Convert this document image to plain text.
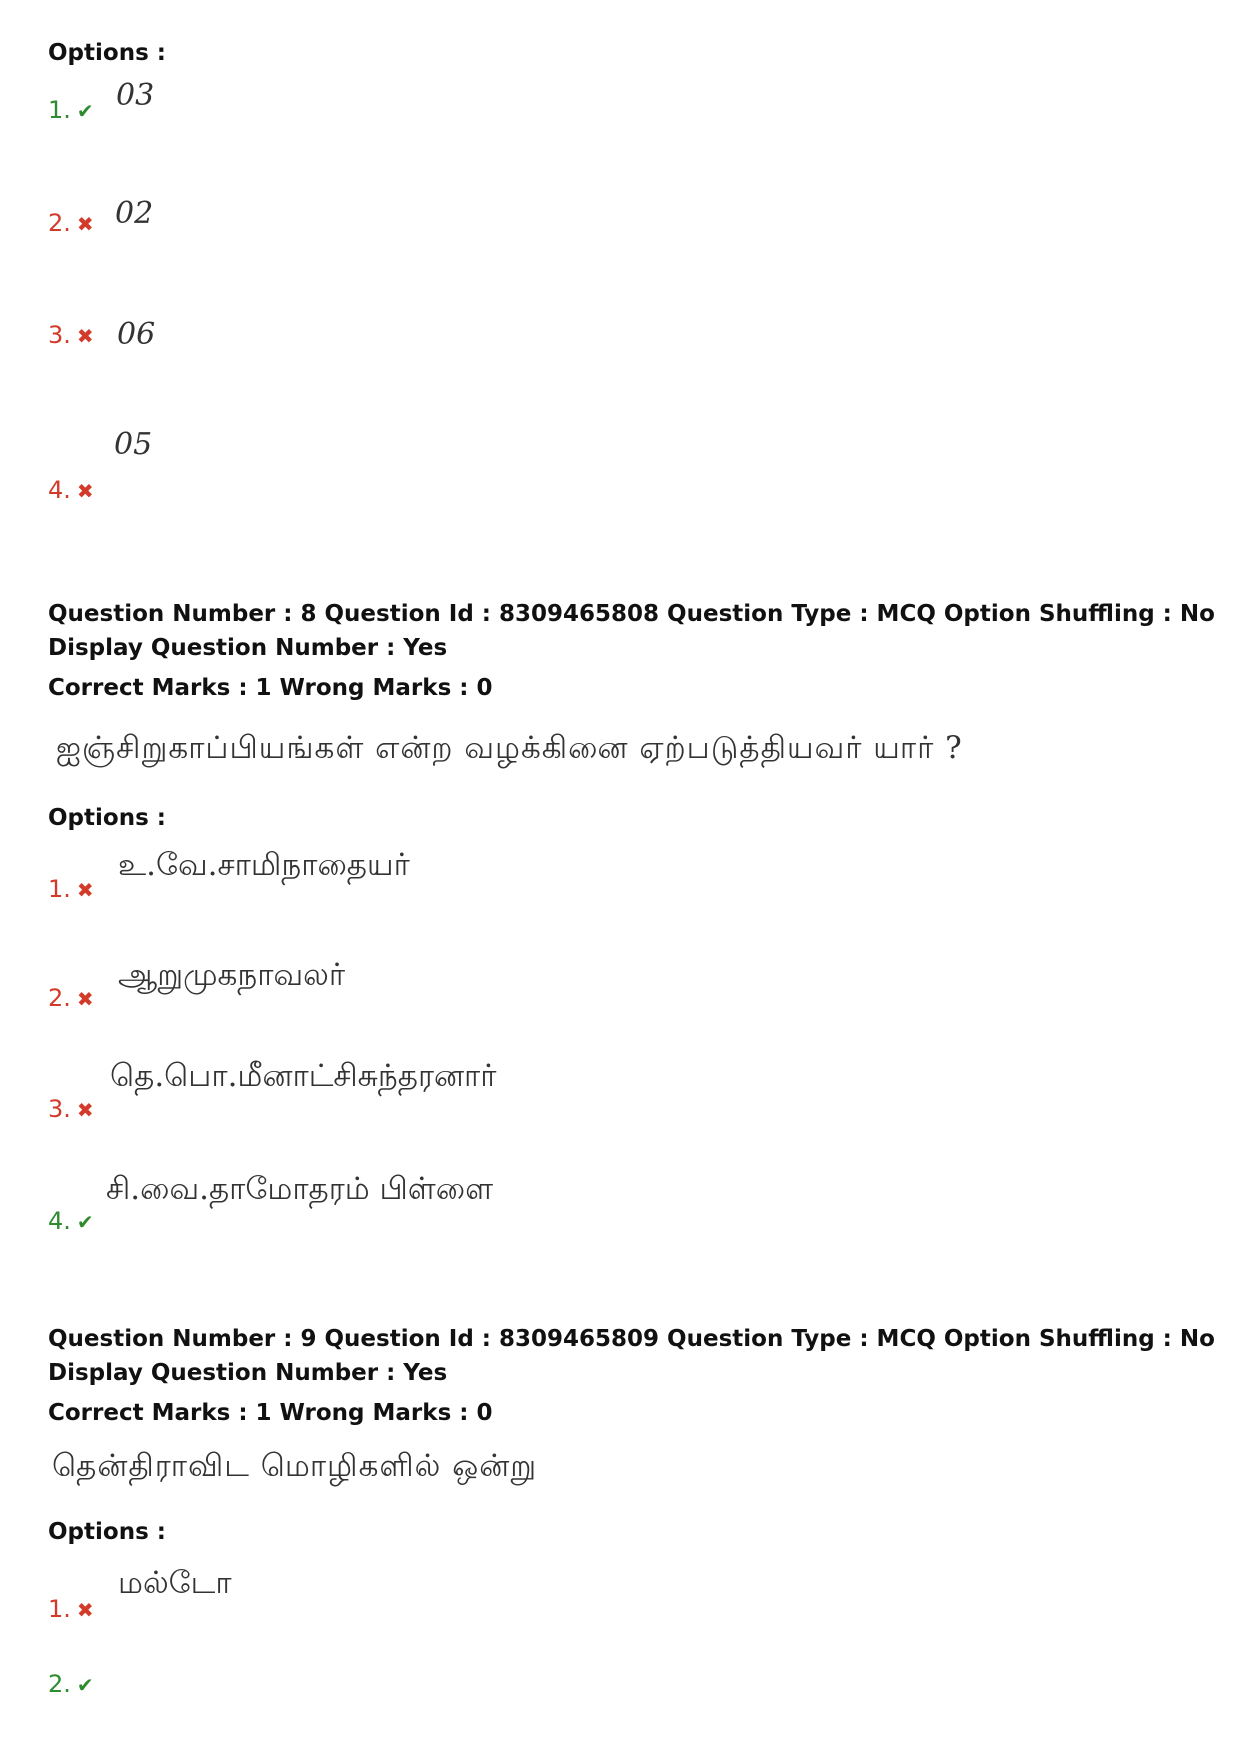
Options :
1. ✔ 03
2. ✖ 02
3. ✖ 06
4. ✖
05
Question Number : 8 Question Id : 8309465808 Question Type : MCQ Option Shuffling : No
Display Question Number : Yes
Correct Marks : 1 Wrong Marks : 0
ஐஞ்சிறுகாப்பியங்கள் என்ற வழக்கினை ஏற்படுத்தியவர் யார் ?
Options :
1. ✖
உ.வே.சாமிநாதையர்
2. ✖
ஆறுமுகநாவலர்
3. ✖
தெ.பொ.மீனாட்சிசுந்தரனார்
4. ✔
சி.வை.தாமோதரம் பிள்ளை
Question Number : 9 Question Id : 8309465809 Question Type : MCQ Option Shuffling : No
Display Question Number : Yes
Correct Marks : 1 Wrong Marks : 0
தென்திராவிட மொழிகளில் ஒன்று
Options :
1. ✖
மல்டோ
2. ✔
